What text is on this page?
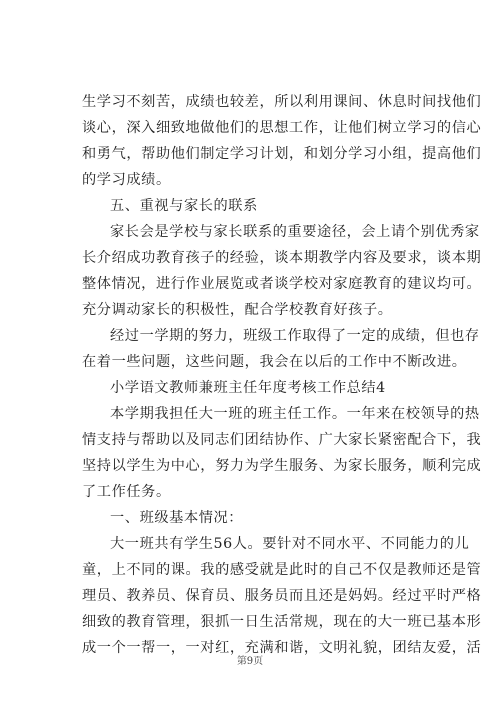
生学习不刻苦，成绩也较差，所以利用课间、休息时间找他们
谈心，深入细致地做他们的思想工作，让他们树立学习的信心
和勇气，帮助他们制定学习计划，和划分学习小组，提高他们
的学习成绩。
五、重视与家长的联系
家长会是学校与家长联系的重要途径，会上请个别优秀家
长介绍成功教育孩子的经验，谈本期教学内容及要求，谈本期
整体情况，进行作业展览或者谈学校对家庭教育的建议均可。
充分调动家长的积极性，配合学校教育好孩子。
经过一学期的努力，班级工作取得了一定的成绩，但也存
在着一些问题，这些问题，我会在以后的工作中不断改进。
小学语文教师兼班主任年度考核工作总结4
本学期我担任大一班的班主任工作。一年来在校领导的热
情支持与帮助以及同志们团结协作、广大家长紧密配合下，我
坚持以学生为中心，努力为学生服务、为家长服务，顺利完成
了工作任务。
一、班级基本情况：
大一班共有学生56人。要针对不同水平、不同能力的儿
童，上不同的课。我的感受就是此时的自己不仅是教师还是管
理员、教养员、保育员、服务员而且还是妈妈。经过平时严格
细致的教育管理，狠抓一日生活常规，现在的大一班已基本形
成一个一帮一，一对红，充满和谐，文明礼貌，团结友爱，活
第9页
